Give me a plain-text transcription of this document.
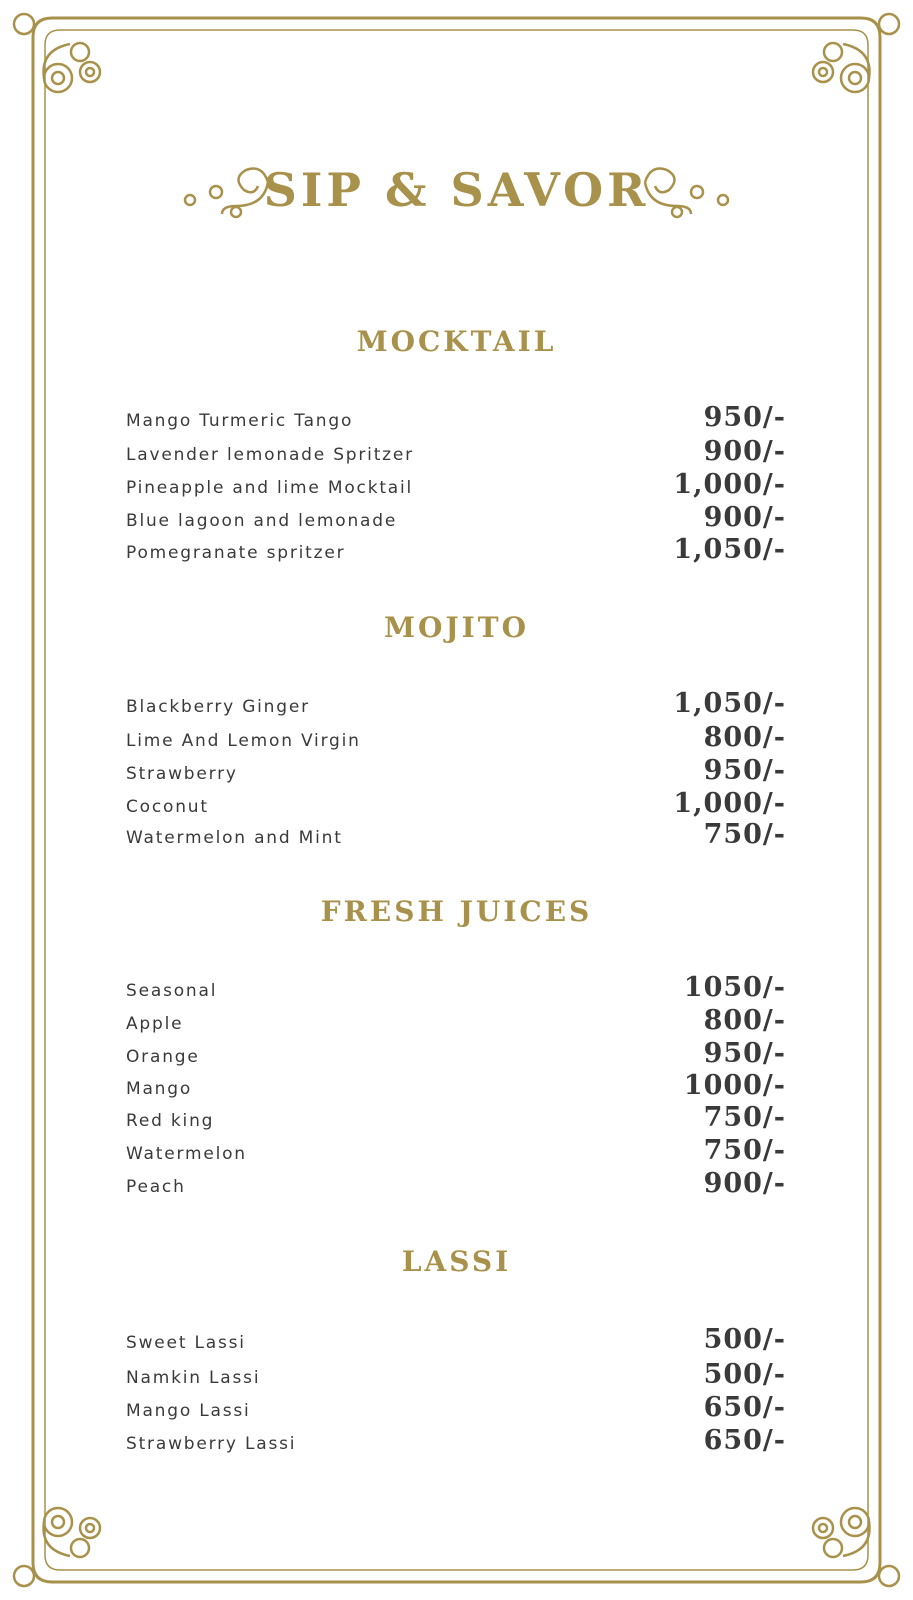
SIP & SAVOR
MOCKTAIL
Mango Turmeric Tango	950/-
Lavender lemonade Spritzer	900/-
Pineapple and lime Mocktail	1,000/-
Blue lagoon and lemonade	900/-
Pomegranate spritzer	1,050/-
MOJITO
Blackberry Ginger	1,050/-
Lime And Lemon Virgin	800/-
Strawberry	950/-
Coconut	1,000/-
Watermelon and Mint	750/-
FRESH JUICES
Seasonal	1050/-
Apple	800/-
Orange	950/-
Mango	1000/-
Red king	750/-
Watermelon	750/-
Peach	900/-
LASSI
Sweet Lassi	500/-
Namkin Lassi	500/-
Mango Lassi	650/-
Strawberry Lassi	650/-
